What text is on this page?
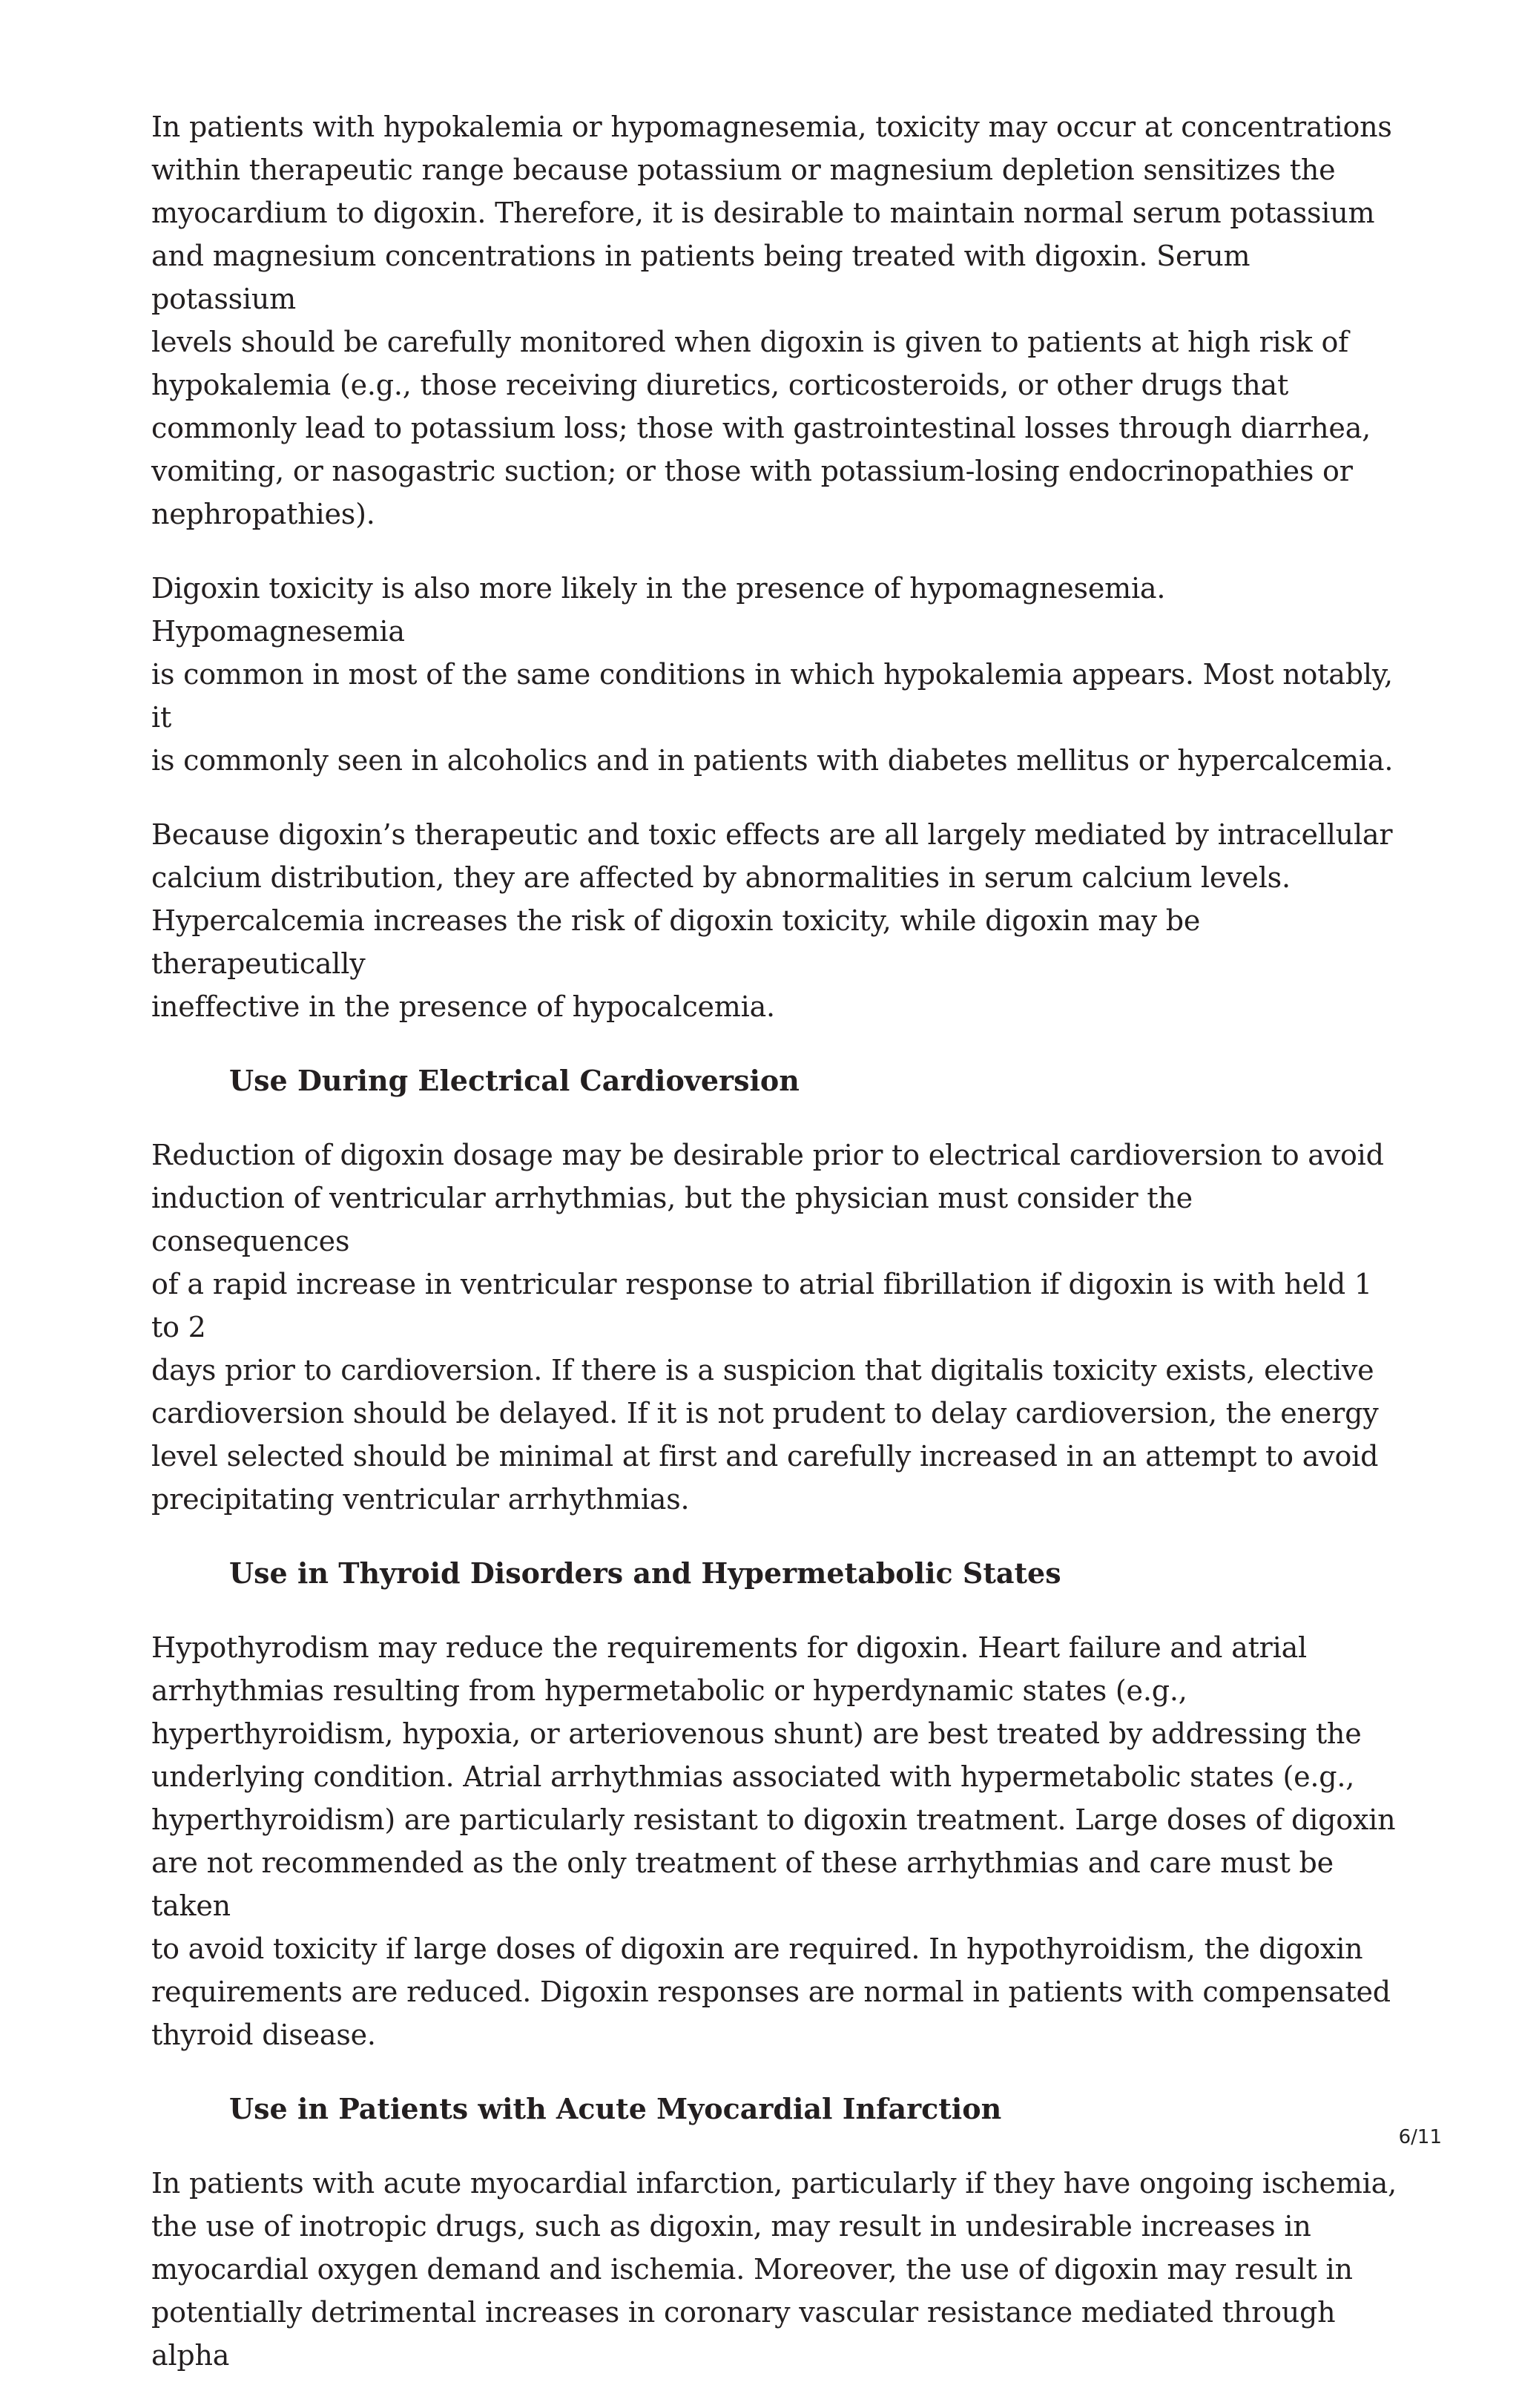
In patients with hypokalemia or hypomagnesemia, toxicity may occur at concentrations
within therapeutic range because potassium or magnesium depletion sensitizes the
myocardium to digoxin. Therefore, it is desirable to maintain normal serum potassium
and magnesium concentrations in patients being treated with digoxin. Serum potassium
levels should be carefully monitored when digoxin is given to patients at high risk of
hypokalemia (e.g., those receiving diuretics, corticosteroids, or other drugs that
commonly lead to potassium loss; those with gastrointestinal losses through diarrhea,
vomiting, or nasogastric suction; or those with potassium-losing endocrinopathies or
nephropathies).

Digoxin toxicity is also more likely in the presence of hypomagnesemia. Hypomagnesemia
is common in most of the same conditions in which hypokalemia appears. Most notably, it
is commonly seen in alcoholics and in patients with diabetes mellitus or hypercalcemia.

Because digoxin’s therapeutic and toxic effects are all largely mediated by intracellular
calcium distribution, they are affected by abnormalities in serum calcium levels.
Hypercalcemia increases the risk of digoxin toxicity, while digoxin may be therapeutically
ineffective in the presence of hypocalcemia.

Use During Electrical Cardioversion

Reduction of digoxin dosage may be desirable prior to electrical cardioversion to avoid
induction of ventricular arrhythmias, but the physician must consider the consequences
of a rapid increase in ventricular response to atrial fibrillation if digoxin is with held 1 to 2
days prior to cardioversion. If there is a suspicion that digitalis toxicity exists, elective
cardioversion should be delayed. If it is not prudent to delay cardioversion, the energy
level selected should be minimal at first and carefully increased in an attempt to avoid
precipitating ventricular arrhythmias.

Use in Thyroid Disorders and Hypermetabolic States

Hypothyrodism may reduce the requirements for digoxin. Heart failure and atrial
arrhythmias resulting from hypermetabolic or hyperdynamic states (e.g.,
hyperthyroidism, hypoxia, or arteriovenous shunt) are best treated by addressing the
underlying condition. Atrial arrhythmias associated with hypermetabolic states (e.g.,
hyperthyroidism) are particularly resistant to digoxin treatment. Large doses of digoxin
are not recommended as the only treatment of these arrhythmias and care must be taken
to avoid toxicity if large doses of digoxin are required. In hypothyroidism, the digoxin
requirements are reduced. Digoxin responses are normal in patients with compensated
thyroid disease.

Use in Patients with Acute Myocardial Infarction

In patients with acute myocardial infarction, particularly if they have ongoing ischemia,
the use of inotropic drugs, such as digoxin, may result in undesirable increases in
myocardial oxygen demand and ischemia. Moreover, the use of digoxin may result in
potentially detrimental increases in coronary vascular resistance mediated through alpha

6/11
